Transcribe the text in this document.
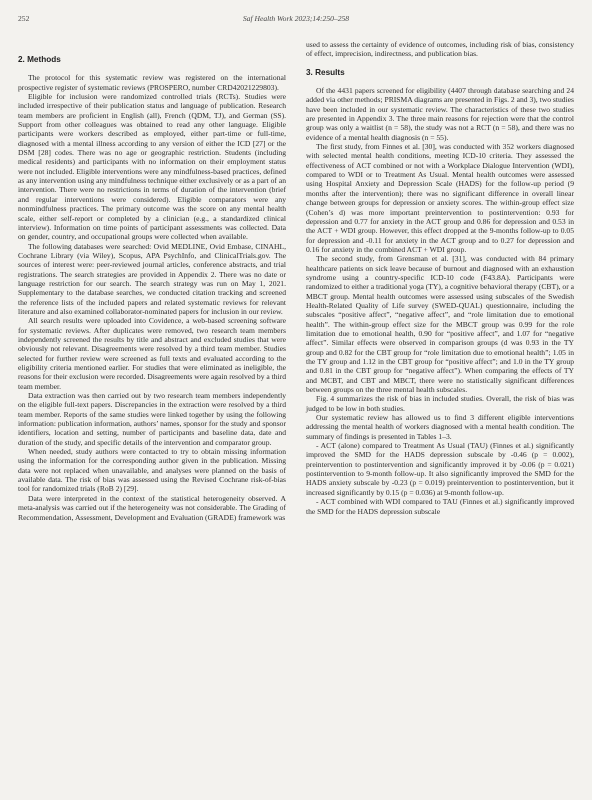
252	Saf Health Work 2023;14:250–258
2. Methods

The protocol for this systematic review was registered on the international prospective register of systematic reviews (PROSPERO, number CRD42021229803).

Eligible for inclusion were randomized controlled trials (RCTs). Studies were included irrespective of their publication status and language of publication. Research team members are proficient in English (all), French (QDM, TJ), and German (SS). Support from other colleagues was obtained to read any other language. Eligible participants were workers described as employed, either part-time or full-time, diagnosed with a mental illness according to any version of either the ICD [27] or the DSM [28] codes. There was no age or geographic restriction. Students (including medical residents) and participants with no information on their employment status were not included. Eligible interventions were any mindfulness-based practices, defined as any intervention using any mindfulness technique either exclusively or as a part of an intervention. There were no restrictions in terms of duration of the intervention (brief and regular interventions were considered). Eligible comparators were any nonmindfulness practices. The primary outcome was the score on any mental health scale, either self-report or completed by a clinician (e.g., a standardized clinical interview). Information on time points of participant assessments was collected. Data on gender, country, and occupational groups were collected when available.

The following databases were searched: Ovid MEDLINE, Ovid Embase, CINAHL, Cochrane Library (via Wiley), Scopus, APA PsychInfo, and ClinicalTrials.gov. The sources of interest were: peer-reviewed journal articles, conference abstracts, and trial registrations. The search strategies are provided in Appendix 2. There was no date or language restriction for our search. The search strategy was run on May 1, 2021. Supplementary to the database searches, we conducted citation tracking and screened the reference lists of the included papers and related systematic reviews for relevant literature and also examined collaborator-nominated papers for inclusion in our review.

All search results were uploaded into Covidence, a web-based screening software for systematic reviews. After duplicates were removed, two research team members independently screened the results by title and abstract and excluded studies that were obviously not relevant. Disagreements were resolved by a third team member. Studies selected for further review were screened as full texts and evaluated according to the eligibility criteria mentioned earlier. For studies that were eliminated as ineligible, the reasons for their exclusion were recorded. Disagreements were again resolved by a third team member.

Data extraction was then carried out by two research team members independently on the eligible full-text papers. Discrepancies in the extraction were resolved by a third team member. Reports of the same studies were linked together by using the following information: publication information, authors’ names, sponsor for the study and sponsor identifiers, location and setting, number of participants and baseline data, date and duration of the study, and specific details of the intervention and comparator group.

When needed, study authors were contacted to try to obtain missing information using the information for the corresponding author given in the publication. Missing data were not replaced when unavailable, and analyses were planned on the basis of available data. The risk of bias was assessed using the Revised Cochrane risk-of-bias tool for randomized trials (RoB 2) [29].

Data were interpreted in the context of the statistical heterogeneity observed. A meta-analysis was carried out if the heterogeneity was not considerable. The Grading of Recommendation, Assessment, Development and Evaluation (GRADE) framework was

used to assess the certainty of evidence of outcomes, including risk of bias, consistency of effect, imprecision, indirectness, and publication bias.

3. Results

Of the 4431 papers screened for eligibility (4407 through database searching and 24 added via other methods; PRISMA diagrams are presented in Figs. 2 and 3), two studies have been included in our systematic review. The characteristics of these two studies are presented in Appendix 3. The three main reasons for rejection were that the control group was only a waitlist (n = 58), the study was not a RCT (n = 58), and there was no evidence of a mental health diagnosis (n = 55).

The first study, from Finnes et al. [30], was conducted with 352 workers diagnosed with selected mental health conditions, meeting ICD-10 criteria. They assessed the effectiveness of ACT combined or not with a Workplace Dialogue Intervention (WDI), compared to WDI or to Treatment As Usual. Mental health outcomes were assessed using Hospital Anxiety and Depression Scale (HADS) for the follow-up period (9 months after the intervention); there was no significant difference in overall linear change between groups for depression or anxiety scores. The within-group effect size (Cohen’s d) was more important preintervention to postintervention: 0.93 for depression and 0.77 for anxiety in the ACT group and 0.86 for depression and 0.53 in the ACT + WDI group. However, this effect dropped at the 9-months follow-up to 0.05 for depression and -0.11 for anxiety in the ACT group and to 0.27 for depression and 0.16 for anxiety in the combined ACT + WDI group.

The second study, from Grensman et al. [31], was conducted with 84 primary healthcare patients on sick leave because of burnout and diagnosed with an exhaustion syndrome using a country-specific ICD-10 code (F43.8A). Participants were randomized to either a traditional yoga (TY), a cognitive behavioral therapy (CBT), or a MBCT group. Mental health outcomes were assessed using subscales of the Swedish Health-Related Quality of Life survey (SWED-QUAL) questionnaire, including the subscales “positive affect”, “negative affect”, and “role limitation due to emotional health”. The within-group effect size for the MBCT group was 0.99 for the role limitation due to emotional health, 0.90 for “positive affect”, and 1.07 for “negative affect”. Similar effects were observed in comparison groups (d was 0.93 in the TY group and 0.82 for the CBT group for “role limitation due to emotional health”; 1.05 in the TY group and 1.12 in the CBT group for “positive affect”; and 1.0 in the TY group and 0.81 in the CBT group for “negative affect”). When comparing the effects of TY and MCBT, and CBT and MBCT, there were no statistically significant differences between groups on the three mental health subscales.

Fig. 4 summarizes the risk of bias in included studies. Overall, the risk of bias was judged to be low in both studies.

Our systematic review has allowed us to find 3 different eligible interventions addressing the mental health of workers diagnosed with a mental health condition. The summary of findings is presented in Tables 1–3.

- ACT (alone) compared to Treatment As Usual (TAU) (Finnes et al.) significantly improved the SMD for the HADS depression subscale by -0.46 (p = 0.002), preintervention to postintervention and significantly improved it by -0.06 (p = 0.021) postintervention to 9-month follow-up. It also significantly improved the SMD for the HADS anxiety subscale by -0.23 (p = 0.019) preintervention to postintervention, but it increased significantly by 0.15 (p = 0.036) at 9-month follow-up.

- ACT combined with WDI compared to TAU (Finnes et al.) significantly improved the SMD for the HADS depression subscale
